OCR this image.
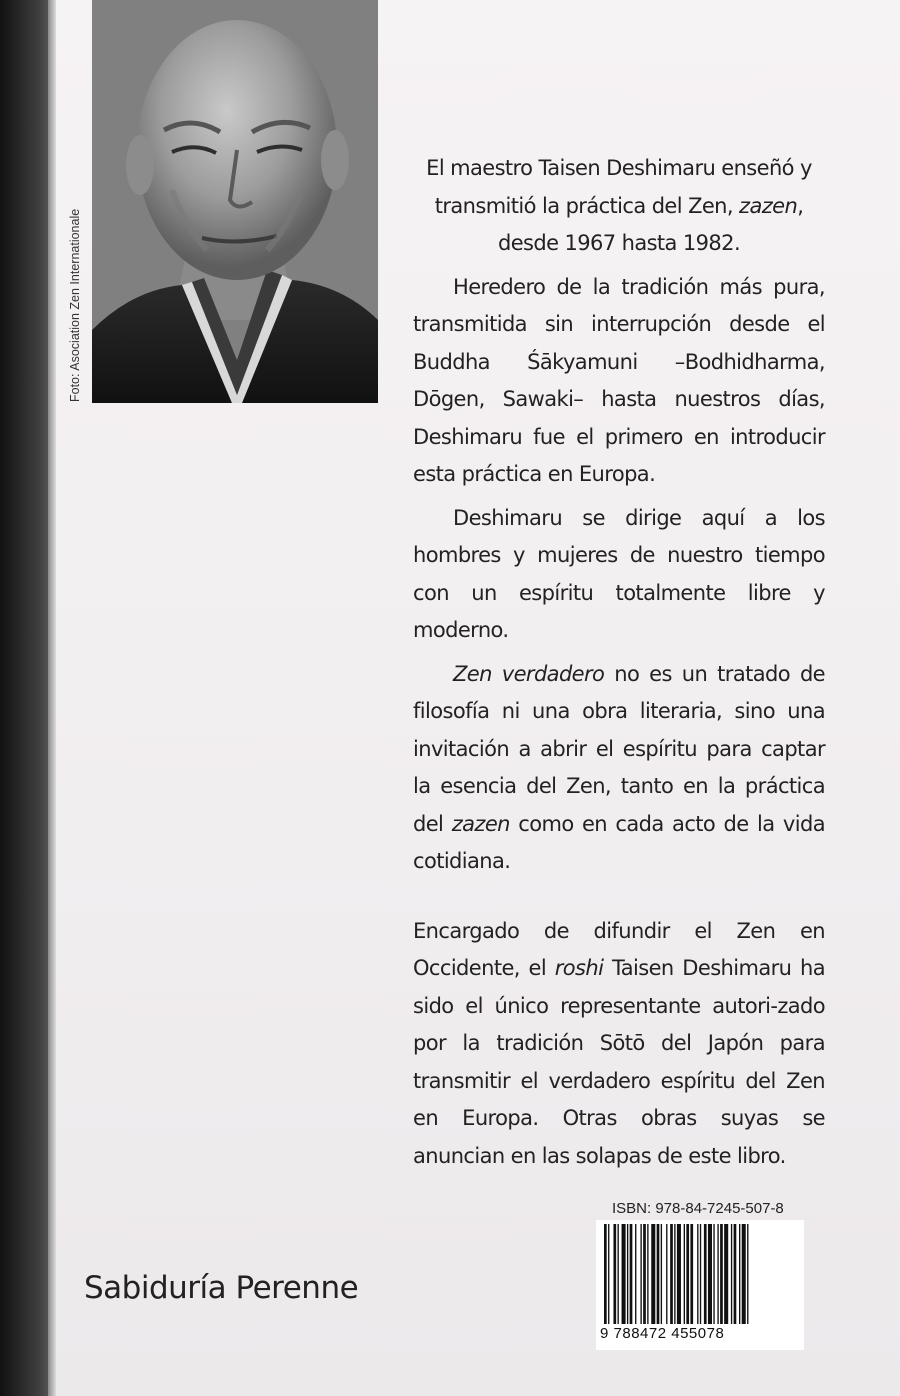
Foto: Asociation Zen Internationale

El maestro Taisen Deshimaru enseñó y transmitió la práctica del Zen, zazen, desde 1967 hasta 1982.

Heredero de la tradición más pura, transmitida sin interrupción desde el Buddha Śākyamuni –Bodhidharma, Dōgen, Sawaki– hasta nuestros días, Deshimaru fue el primero en introducir esta práctica en Europa.

Deshimaru se dirige aquí a los hombres y mujeres de nuestro tiempo con un espíritu totalmente libre y moderno.

Zen verdadero no es un tratado de filosofía ni una obra literaria, sino una invitación a abrir el espíritu para captar la esencia del Zen, tanto en la práctica del zazen como en cada acto de la vida cotidiana.

Encargado de difundir el Zen en Occidente, el roshi Taisen Deshimaru ha sido el único representante autori-zado por la tradición Sōtō del Japón para transmitir el verdadero espíritu del Zen en Europa. Otras obras suyas se anuncian en las solapas de este libro.

Sabiduría Perenne
ISBN: 978-84-7245-507-8
9 788472 455078
